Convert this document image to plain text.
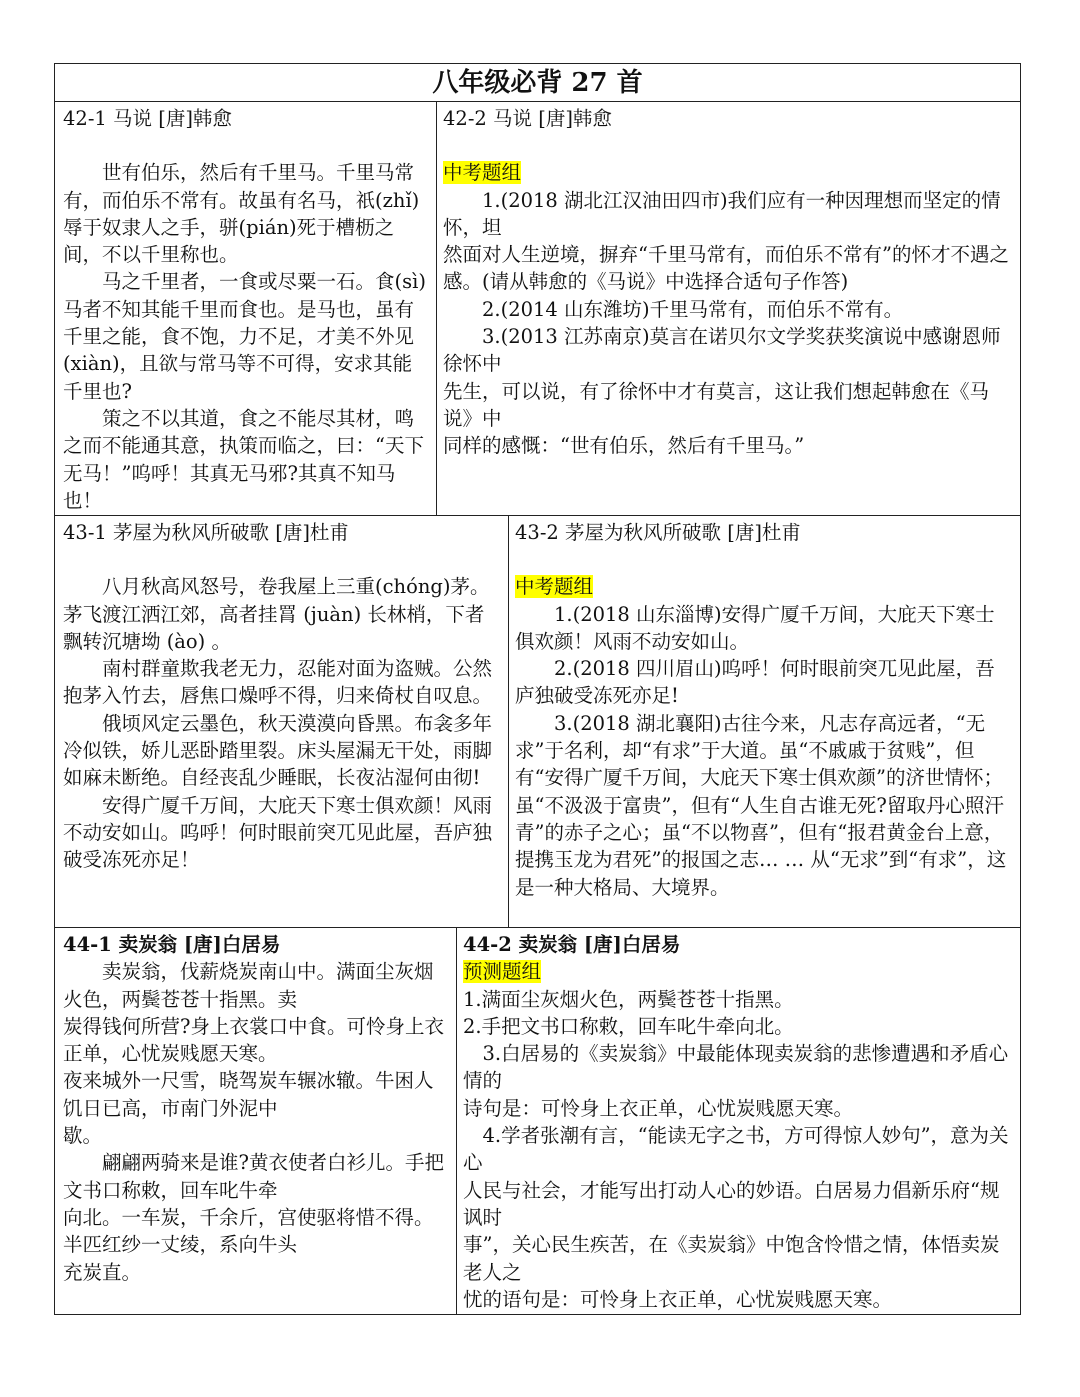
八年级必背 27 首
42-1 马说 [唐]韩愈

世有伯乐，然后有千里马。千里马常有，而伯乐不常有。故虽有名马，祇(zhǐ)辱于奴隶人之手，骈(pián)死于槽枥之间，不以千里称也。

马之千里者，一食或尽粟一石。食(sì)马者不知其能千里而食也。是马也，虽有千里之能，食不饱，力不足，才美不外见(xiàn)，且欲与常马等不可得，安求其能千里也?

策之不以其道，食之不能尽其材，鸣之而不能通其意，执策而临之，曰：“天下无马！”呜呼！其真无马邪?其真不知马也！

42-2 马说 [唐]韩愈

中考题组

1.(2018 湖北江汉油田四市)我们应有一种因理想而坚定的情怀，坦

然面对人生逆境，摒弃“千里马常有，而伯乐不常有”的怀才不遇之

感。(请从韩愈的《马说》中选择合适句子作答)

2.(2014 山东潍坊)千里马常有，而伯乐不常有。

3.(2013 江苏南京)莫言在诺贝尔文学奖获奖演说中感谢恩师徐怀中

先生，可以说，有了徐怀中才有莫言，这让我们想起韩愈在《马说》中

同样的感慨：“世有伯乐，然后有千里马。”

43-1 茅屋为秋风所破歌 [唐]杜甫

八月秋高风怒号，卷我屋上三重(chóng)茅。茅飞渡江洒江郊，高者挂罥 (juàn) 长林梢，下者飘转沉塘坳 (ào) 。

南村群童欺我老无力，忍能对面为盗贼。公然抱茅入竹去，唇焦口燥呼不得，归来倚杖自叹息。

俄顷风定云墨色，秋天漠漠向昏黑。布衾多年冷似铁，娇儿恶卧踏里裂。床头屋漏无干处，雨脚如麻未断绝。自经丧乱少睡眠，长夜沾湿何由彻!

安得广厦千万间，大庇天下寒士俱欢颜！风雨不动安如山。呜呼！何时眼前突兀见此屋，吾庐独破受冻死亦足！

43-2 茅屋为秋风所破歌 [唐]杜甫

中考题组

1.(2018 山东淄博)安得广厦千万间，大庇天下寒士俱欢颜！风雨不动安如山。

2.(2018 四川眉山)呜呼！何时眼前突兀见此屋，吾庐独破受冻死亦足!

3.(2018 湖北襄阳)古往今来，凡志存高远者，“无求”于名利，却“有求”于大道。虽“不戚戚于贫贱”，但有“安得广厦千万间，大庇天下寒士俱欢颜”的济世情怀；虽“不汲汲于富贵”，但有“人生自古谁无死?留取丹心照汗青”的赤子之心；虽“不以物喜”，但有“报君黄金台上意，提携玉龙为君死”的报国之志… … 从“无求”到“有求”，这是一种大格局、大境界。

44-1 卖炭翁 [唐]白居易

卖炭翁，伐薪烧炭南山中。满面尘灰烟火色，两鬓苍苍十指黑。卖

炭得钱何所营?身上衣裳口中食。可怜身上衣正单，心忧炭贱愿天寒。

夜来城外一尺雪，晓驾炭车辗冰辙。牛困人饥日已高，市南门外泥中

歇。

翩翩两骑来是谁?黄衣使者白衫儿。手把文书口称敕，回车叱牛牵

向北。一车炭，千余斤，宫使驱将惜不得。半匹红纱一丈绫，系向牛头

充炭直。

44-2 卖炭翁 [唐]白居易

预测题组

1.满面尘灰烟火色，两鬓苍苍十指黑。

2.手把文书口称敕，回车叱牛牵向北。

3.白居易的《卖炭翁》中最能体现卖炭翁的悲惨遭遇和矛盾心情的

诗句是：可怜身上衣正单，心忧炭贱愿天寒。

4.学者张潮有言，“能读无字之书，方可得惊人妙句”，意为关心

人民与社会，才能写出打动人心的妙语。白居易力倡新乐府“规讽时

事”，关心民生疾苦，在《卖炭翁》中饱含怜惜之情，体悟卖炭老人之

忧的语句是：可怜身上衣正单，心忧炭贱愿天寒。
